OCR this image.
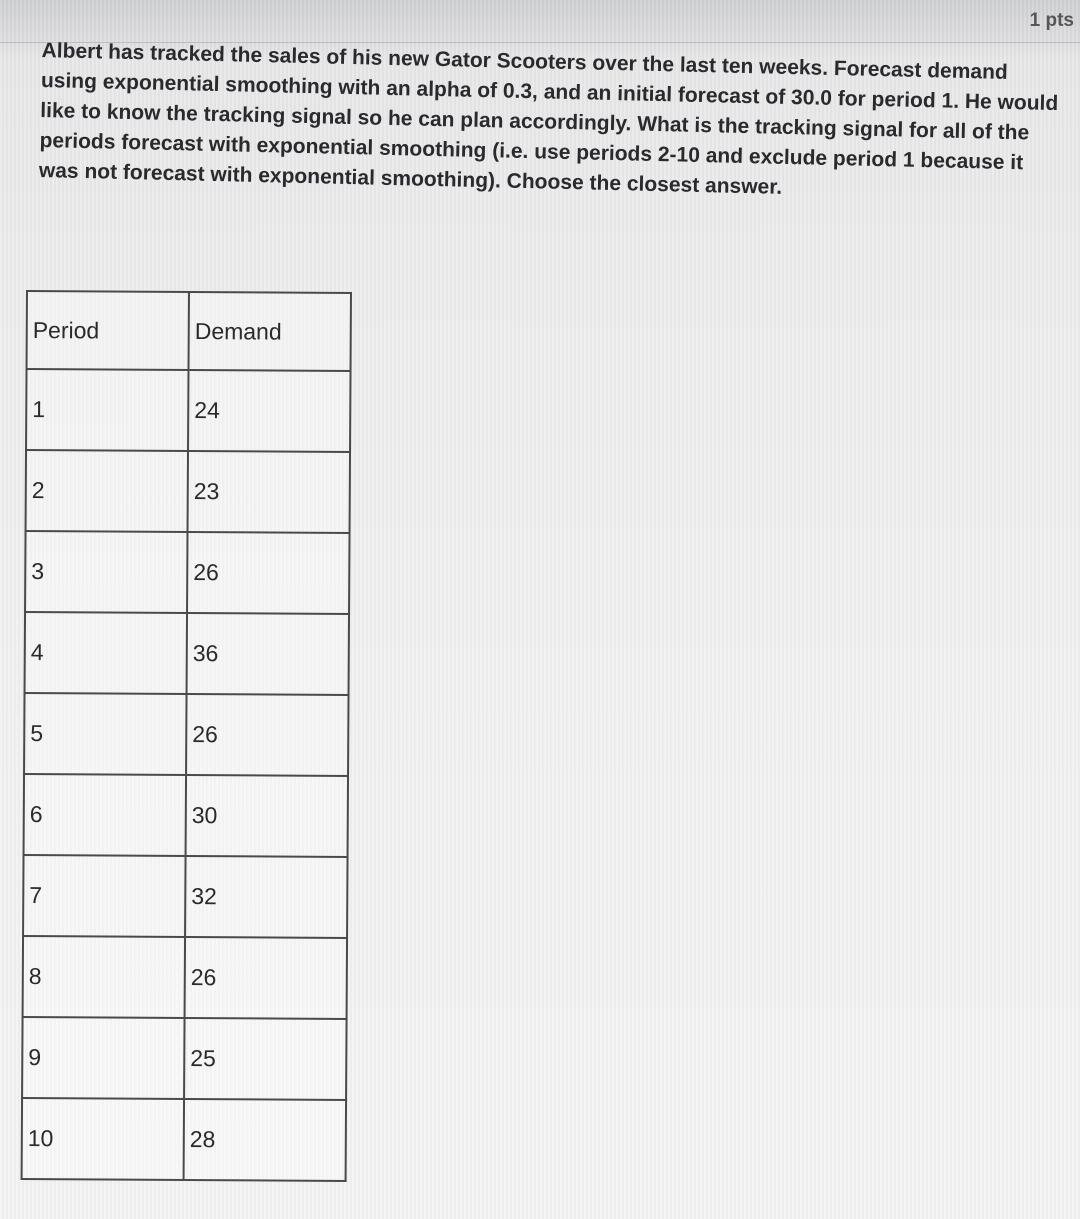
1 pts

Albert has tracked the sales of his new Gator Scooters over the last ten weeks. Forecast demand using exponential smoothing with an alpha of 0.3, and an initial forecast of 30.0 for period 1. He would like to know the tracking signal so he can plan accordingly. What is the tracking signal for all of the periods forecast with exponential smoothing (i.e. use periods 2-10 and exclude period 1 because it was not forecast with exponential smoothing). Choose the closest answer.

Period	Demand
1	24
2	23
3	26
4	36
5	26
6	30
7	32
8	26
9	25
10	28
